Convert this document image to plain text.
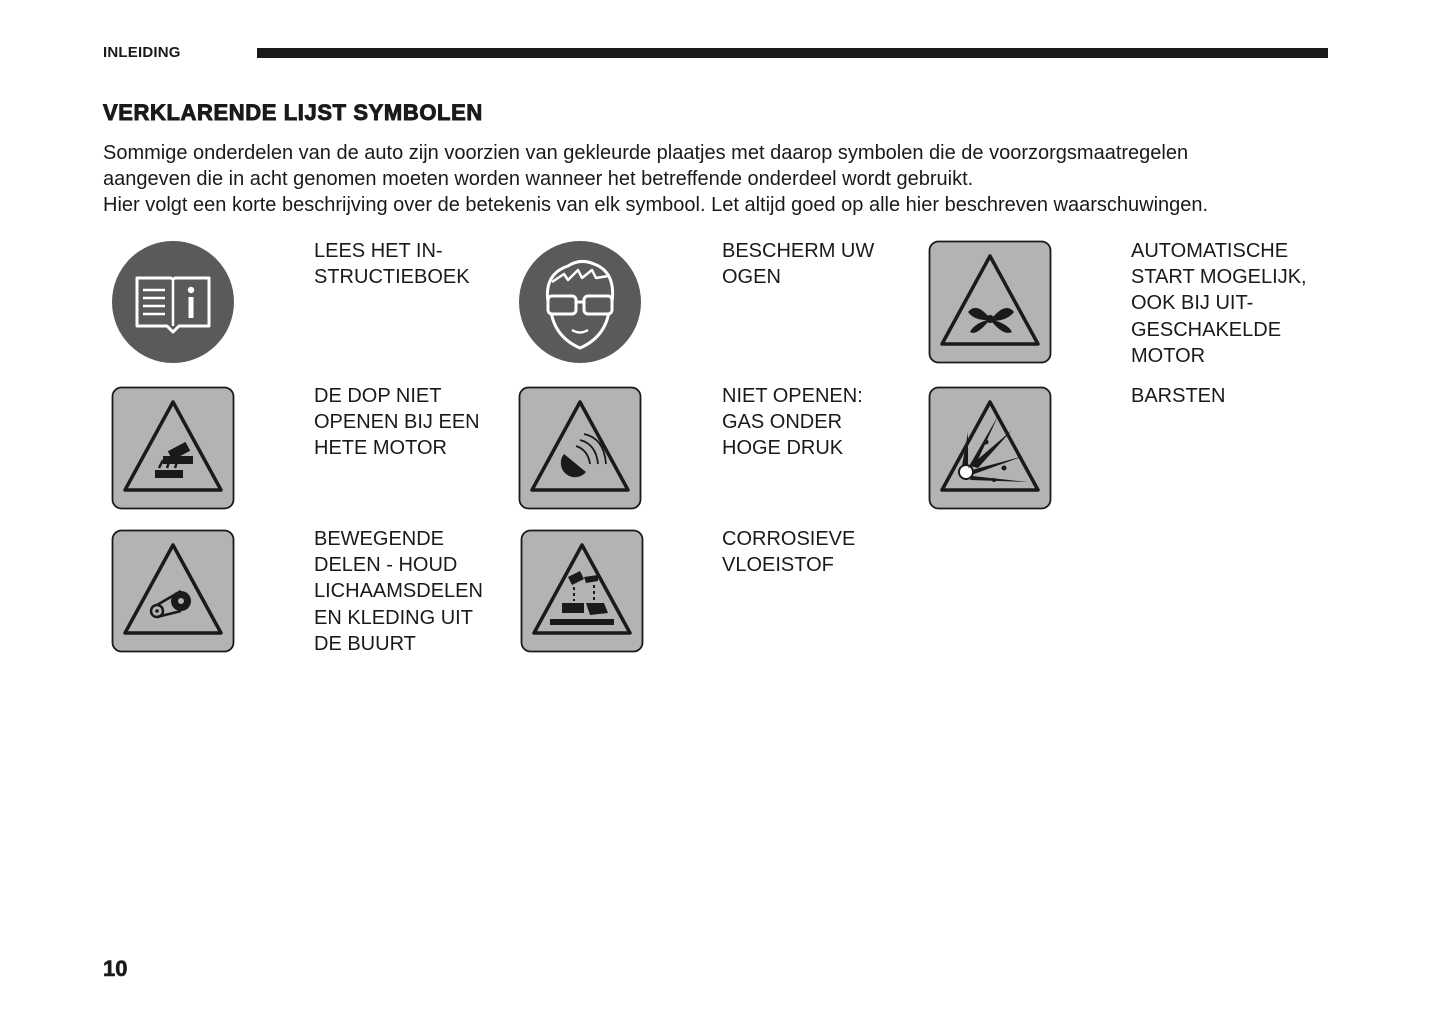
INLEIDING
VERKLARENDE LIJST SYMBOLEN

Sommige onderdelen van de auto zijn voorzien van gekleurde plaatjes met daarop symbolen die de voorzorgsmaatregelen

aangeven die in acht genomen moeten worden wanneer het betreffende onderdeel wordt gebruikt.

Hier volgt een korte beschrijving over de betekenis van elk symbool. Let altijd goed op alle hier beschreven waarschuwingen.

LEES HET IN-
STRUCTIEBOEK

BESCHERM UW
OGEN

AUTOMATISCHE
START MOGELIJK,
OOK BIJ UIT-
GESCHAKELDE
MOTOR

DE DOP NIET
OPENEN BIJ EEN
HETE MOTOR

NIET OPENEN:
GAS ONDER
HOGE DRUK

BARSTEN

BEWEGENDE
DELEN - HOUD
LICHAAMSDELEN
EN KLEDING UIT
DE BUURT

CORROSIEVE
VLOEISTOF

10
